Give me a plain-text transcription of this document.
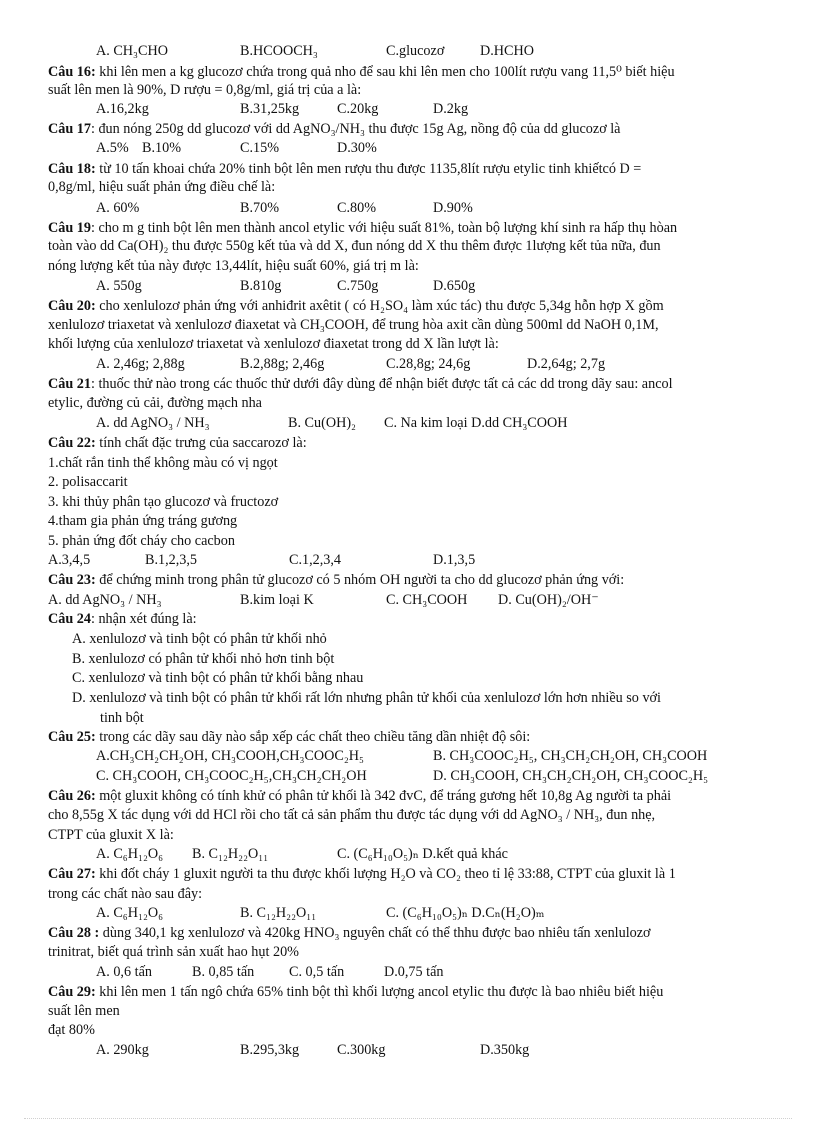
A. CH₃CHO	B.HCOOCH₃	C.glucozơ	D.HCHO
Câu 16: khi lên men a kg glucozơ chứa trong quả nho để sau khi lên men cho 100lít rượu vang 11,5⁰ biết hiệu
suất lên men là 90%, D rượu = 0,8g/ml, giá trị của a là:
A.16,2kg	B.31,25kg	C.20kg	D.2kg
Câu 17: đun nóng 250g dd glucozơ với dd AgNO₃/NH₃ thu được 15g Ag, nồng độ của dd glucozơ là
A.5% B.10%	C.15%	D.30%
Câu 18: từ 10 tấn khoai chứa 20% tinh bột lên men rượu thu được 1135,8lít rượu etylic tinh khiếtcó D =
0,8g/ml, hiệu suất phản ứng điều chế là:
A. 60%	B.70%	C.80%	D.90%
Câu 19: cho m g tinh bột lên men thành ancol etylic với hiệu suất 81%, toàn bộ lượng khí sinh ra hấp thụ hòan
toàn vào dd Ca(OH)₂ thu được 550g kết tủa và dd X, đun nóng dd X thu thêm được 1lượng kết tủa nữa, đun
nóng lượng kết tủa này được 13,44lít, hiệu suất 60%, giá trị m là:
A. 550g	B.810g	C.750g	D.650g
Câu 20: cho xenlulozơ phản ứng với anhiđrit axêtit ( có H₂SO₄ làm xúc tác) thu được 5,34g hỗn hợp X gồm
xenlulozơ triaxetat và xenlulozơ điaxetat và CH₃COOH, để trung hòa axit cần dùng 500ml dd NaOH 0,1M,
khối lượng của xenlulozơ triaxetat và xenlulozơ điaxetat trong dd X lần lượt là:
A. 2,46g; 2,88g	B.2,88g; 2,46g	C.28,8g; 24,6g	D.2,64g; 2,7g
Câu 21: thuốc thử nào trong các thuốc thử dưới đây dùng để nhận biết được tất cả các dd trong dãy sau: ancol
etylic, đường củ cải, đường mạch nha
A. dd AgNO₃ / NH₃	B. Cu(OH)₂ C. Na kim loại D.dd CH₃COOH
Câu 22: tính chất đặc trưng của saccarozơ là:
1.chất rắn tinh thể không màu có vị ngọt
2. polisaccarit
3. khi thủy phân tạo glucozơ và fructozơ
4.tham gia phản ứng tráng gương
5. phản ứng đốt cháy cho cacbon
A.3,4,5	B.1,2,3,5	C.1,2,3,4	D.1,3,5
Câu 23: để chứng minh trong phân tử glucozơ có 5 nhóm OH người ta cho dd glucozơ phản ứng với:
A. dd AgNO₃ / NH₃	B.kim loại K	C. CH₃COOH D. Cu(OH)₂/OH⁻
Câu 24: nhận xét đúng là:
A. xenlulozơ và tinh bột có phân tử khối nhỏ
B. xenlulozơ có phân tử khối nhỏ hơn tinh bột
C. xenlulozơ và tinh bột có phân tử khối bằng nhau
D. xenlulozơ và tinh bột có phân tử khối rất lớn nhưng phân tử khối của xenlulozơ lớn hơn nhiều so với
tinh bột
Câu 25: trong các dãy sau dãy nào sắp xếp các chất theo chiều tăng dần nhiệt độ sôi:
A.CH₃CH₂CH₂OH, CH₃COOH,CH₃COOC₂H₅	B. CH₃COOC₂H₅, CH₃CH₂CH₂OH, CH₃COOH
C. CH₃COOH, CH₃COOC₂H₅,CH₃CH₂CH₂OH	D. CH₃COOH, CH₃CH₂CH₂OH, CH₃COOC₂H₅
Câu 26: một gluxit không có tính khử có phân tử khối là 342 đvC, để tráng gương hết 10,8g Ag người ta phải
cho 8,55g X tác dụng với dd HCl rồi cho tất cả sản phẩm thu được tác dụng với dd AgNO₃ / NH₃, đun nhẹ,
CTPT của gluxit X là:
A. C₆H₁₂O₆ B. C₁₂H₂₂O₁₁	C. (C₆H₁₀O₅)ₙ D.kết quả khác
Câu 27: khi đốt cháy 1 gluxit người ta thu được khối lượng H₂O và CO₂ theo tỉ lệ 33:88, CTPT của gluxit là 1
trong các chất nào sau đây:
A. C₆H₁₂O₆	B. C₁₂H₂₂O₁₁	C. (C₆H₁₀O₅)ₙ D.Cₙ(H₂O)ₘ
Câu 28 : dùng 340,1 kg xenlulozơ và 420kg HNO₃ nguyên chất có thể thhu được bao nhiêu tấn xenlulozơ
trinitrat, biết quá trình sản xuất hao hụt 20%
A. 0,6 tấn	B. 0,85 tấn C. 0,5 tấn	D.0,75 tấn
Câu 29: khi lên men 1 tấn ngô chứa 65% tinh bột thì khối lượng ancol etylic thu được là bao nhiêu biết hiệu
suất lên men
đạt 80%
A. 290kg	B.295,3kg	C.300kg	D.350kg
